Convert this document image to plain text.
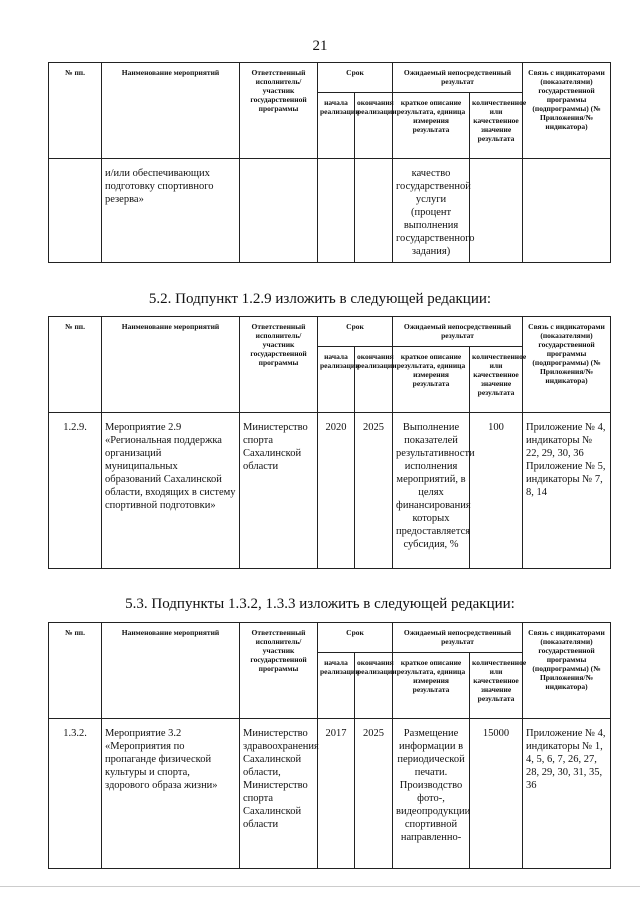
21
№ пп.	Наименование мероприятий	Ответственный исполнитель/участник государственной программы	Срок		Ожидаемый непосредственный результат		Связь с индикаторами (показателями) государственной программы (подпрограммы) (№ Приложения/№ индикатора)
			начала реализации	окончания реализации	краткое описание результата, единица измерения результата	количественное или качественное значение результата	
	и/или обеспечивающих подготовку спортивного резерва»				качество государственной услуги (процент выполнения государственного задания)		
5.2. Подпункт 1.2.9 изложить в следующей редакции:
№ пп.	Наименование мероприятий	Ответственный исполнитель/участник государственной программы	Срок		Ожидаемый непосредственный результат		Связь с индикаторами (показателями) государственной программы (подпрограммы) (№ Приложения/№ индикатора)
			начала реализации	окончания реализации	краткое описание результата, единица измерения результата	количественное или качественное значение результата	
1.2.9.	Мероприятие 2.9 «Региональная поддержка организаций муниципальных образований Сахалинской области, входящих в систему спортивной подготовки»	Министерство спорта Сахалинской области	2020	2025	Выполнение показателей результативности исполнения мероприятий, в целях финансирования которых предоставляется субсидия, %	100	Приложение № 4, индикаторы № 22, 29, 30, 36 Приложение № 5, индикаторы № 7, 8, 14
5.3. Подпункты 1.3.2, 1.3.3 изложить в следующей редакции:
№ пп.	Наименование мероприятий	Ответственный исполнитель/участник государственной программы	Срок		Ожидаемый непосредственный результат		Связь с индикаторами (показателями) государственной программы (подпрограммы) (№ Приложения/№ индикатора)
			начала реализации	окончания реализации	краткое описание результата, единица измерения результата	количественное или качественное значение результата	
1.3.2.	Мероприятие 3.2 «Мероприятия по пропаганде физической культуры и спорта, здорового образа жизни»	Министерство здравоохранения Сахалинской области, Министерство спорта Сахалинской области	2017	2025	Размещение информации в периодической печати. Производство фото-, видеопродукции спортивной направленно-	15000	Приложение № 4, индикаторы № 1, 4, 5, 6, 7, 26, 27, 28, 29, 30, 31, 35, 36
